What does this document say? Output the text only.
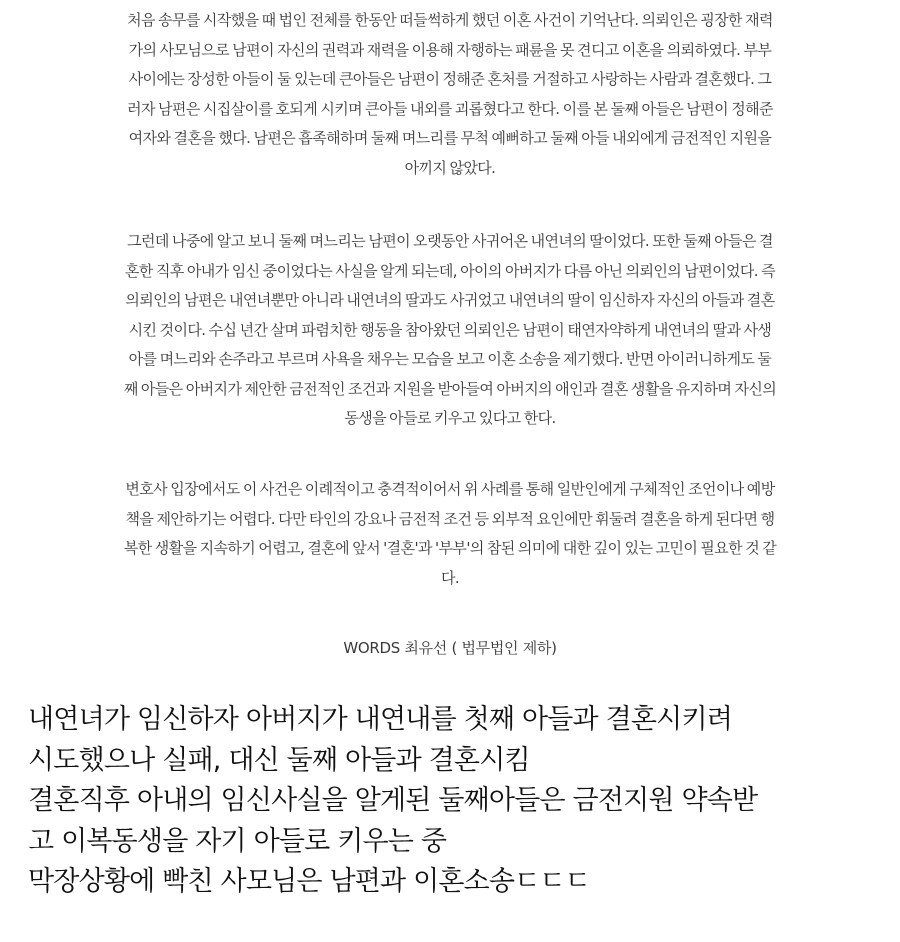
처음 송무를 시작했을 때 법인 전체를 한동안 떠들썩하게 했던 이혼 사건이 기억난다. 의뢰인은 굉장한 재력
가의 사모님으로 남편이 자신의 권력과 재력을 이용해 자행하는 패륜을 못 견디고 이혼을 의뢰하였다. 부부
사이에는 장성한 아들이 둘 있는데 큰아들은 남편이 정해준 혼처를 거절하고 사랑하는 사람과 결혼했다. 그
러자 남편은 시집살이를 호되게 시키며 큰아들 내외를 괴롭혔다고 한다. 이를 본 둘째 아들은 남편이 정해준
여자와 결혼을 했다. 남편은 흡족해하며 둘째 며느리를 무척 예뻐하고 둘째 아들 내외에게 금전적인 지원을
아끼지 않았다.

그런데 나중에 알고 보니 둘째 며느리는 남편이 오랫동안 사귀어온 내연녀의 딸이었다. 또한 둘째 아들은 결
혼한 직후 아내가 임신 중이었다는 사실을 알게 되는데, 아이의 아버지가 다름 아닌 의뢰인의 남편이었다. 즉
의뢰인의 남편은 내연녀뿐만 아니라 내연녀의 딸과도 사귀었고 내연녀의 딸이 임신하자 자신의 아들과 결혼
시킨 것이다. 수십 년간 살며 파렴치한 행동을 참아왔던 의뢰인은 남편이 태연자약하게 내연녀의 딸과 사생
아를 며느리와 손주라고 부르며 사욕을 채우는 모습을 보고 이혼 소송을 제기했다. 반면 아이러니하게도 둘
째 아들은 아버지가 제안한 금전적인 조건과 지원을 받아들여 아버지의 애인과 결혼 생활을 유지하며 자신의
동생을 아들로 키우고 있다고 한다.

변호사 입장에서도 이 사건은 이례적이고 충격적이어서 위 사례를 통해 일반인에게 구체적인 조언이나 예방
책을 제안하기는 어렵다. 다만 타인의 강요나 금전적 조건 등 외부적 요인에만 휘둘려 결혼을 하게 된다면 행
복한 생활을 지속하기 어렵고, 결혼에 앞서 '결혼'과 '부부'의 참된 의미에 대한 깊이 있는 고민이 필요한 것 같
다.

WORDS 최유선 ( 법무법인 제하)
내연녀가 임신하자 아버지가 내연내를 첫째 아들과 결혼시키려
시도했으나 실패, 대신 둘째 아들과 결혼시킴
결혼직후 아내의 임신사실을 알게된 둘째아들은 금전지원 약속받
고 이복동생을 자기 아들로 키우는 중
막장상황에 빡친 사모님은 남편과 이혼소송ㄷㄷㄷ
